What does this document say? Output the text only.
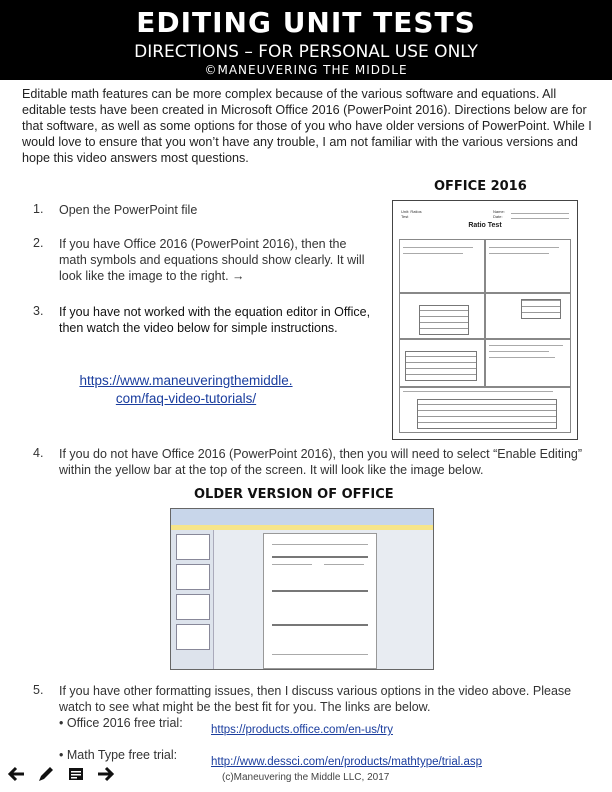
EDITING UNIT TESTS
DIRECTIONS – FOR PERSONAL USE ONLY
©MANEUVERING THE MIDDLE
Editable math features can be more complex because of the various software and equations. All editable tests have been created in Microsoft Office 2016 (PowerPoint 2016). Directions below are for that software, as well as some options for those of you who have older versions of PowerPoint. While I would love to ensure that you won’t have any trouble, I am not familiar with the various versions and hope this video answers most questions.
OFFICE 2016
1. Open the PowerPoint file
2. If you have Office 2016 (PowerPoint 2016), then the math symbols and equations should show clearly. It will look like the image to the right. →
3. If you have not worked with the equation editor in Office, then watch the video below for simple instructions.
https://www.maneuveringthemiddle.
com/faq-video-tutorials/
Unit: Ratios
Test
Name:
Date:
Ratio Test
4. If you do not have Office 2016 (PowerPoint 2016), then you will need to select “Enable Editing” within the yellow bar at the top of the screen. It will look like the image below.
OLDER VERSION OF OFFICE
5. If you have other formatting issues, then I discuss various options in the video above. Please watch to see what might be the best fit for you. The links are below.
• Office 2016 free trial: https://products.office.com/en-us/try
• Math Type free trial:	http://www.dessci.com/en/products/mathtype/trial.asp
(c)Maneuvering the Middle LLC, 2017
